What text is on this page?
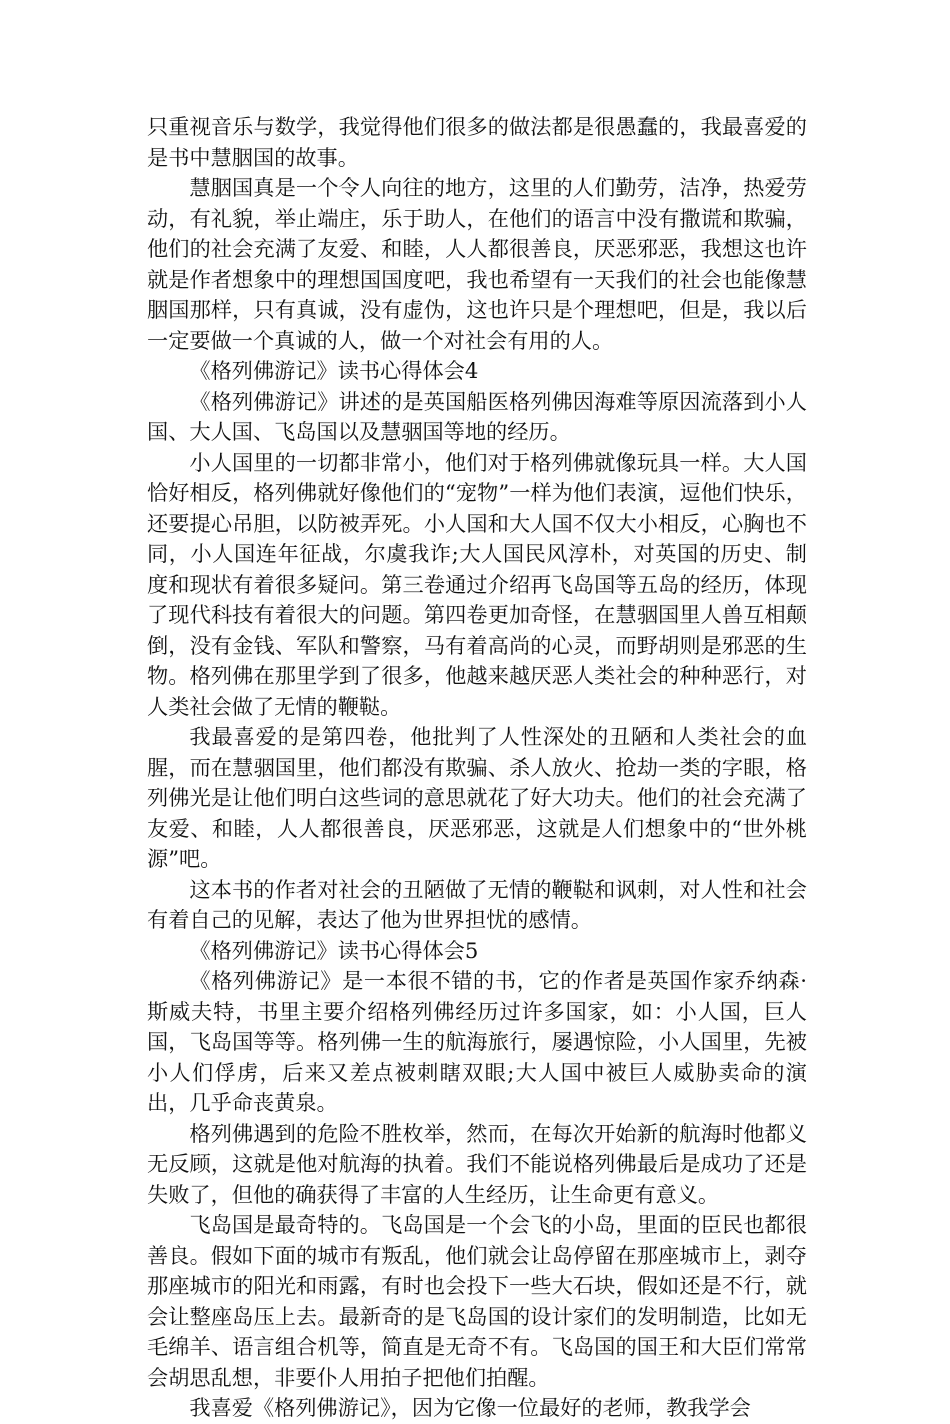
只重视音乐与数学，我觉得他们很多的做法都是很愚蠢的，我最喜爱的是书中慧胭国的故事。

慧胭国真是一个令人向往的地方，这里的人们勤劳，洁净，热爱劳动，有礼貌，举止端庄，乐于助人，在他们的语言中没有撒谎和欺骗，他们的社会充满了友爱、和睦，人人都很善良，厌恶邪恶，我想这也许就是作者想象中的理想国国度吧，我也希望有一天我们的社会也能像慧胭国那样，只有真诚，没有虚伪，这也许只是个理想吧，但是，我以后一定要做一个真诚的人，做一个对社会有用的人。

《格列佛游记》读书心得体会4

《格列佛游记》讲述的是英国船医格列佛因海难等原因流落到小人国、大人国、飞岛国以及慧骃国等地的经历。

小人国里的一切都非常小，他们对于格列佛就像玩具一样。大人国恰好相反，格列佛就好像他们的“宠物”一样为他们表演，逗他们快乐，还要提心吊胆，以防被弄死。小人国和大人国不仅大小相反，心胸也不同，小人国连年征战，尔虞我诈;大人国民风淳朴，对英国的历史、制度和现状有着很多疑问。第三卷通过介绍再飞岛国等五岛的经历，体现了现代科技有着很大的问题。第四卷更加奇怪，在慧骃国里人兽互相颠倒，没有金钱、军队和警察，马有着高尚的心灵，而野胡则是邪恶的生物。格列佛在那里学到了很多，他越来越厌恶人类社会的种种恶行，对人类社会做了无情的鞭鞑。

我最喜爱的是第四卷，他批判了人性深处的丑陋和人类社会的血腥，而在慧骃国里，他们都没有欺骗、杀人放火、抢劫一类的字眼，格列佛光是让他们明白这些词的意思就花了好大功夫。他们的社会充满了友爱、和睦，人人都很善良，厌恶邪恶，这就是人们想象中的“世外桃源”吧。

这本书的作者对社会的丑陋做了无情的鞭鞑和讽刺，对人性和社会有着自己的见解，表达了他为世界担忧的感情。

《格列佛游记》读书心得体会5

《格列佛游记》是一本很不错的书，它的作者是英国作家乔纳森·斯威夫特，书里主要介绍格列佛经历过许多国家，如：小人国，巨人国，飞岛国等等。格列佛一生的航海旅行，屡遇惊险，小人国里，先被小人们俘虏，后来又差点被刺瞎双眼;大人国中被巨人威胁卖命的演出，几乎命丧黄泉。

格列佛遇到的危险不胜枚举，然而，在每次开始新的航海时他都义无反顾，这就是他对航海的执着。我们不能说格列佛最后是成功了还是失败了，但他的确获得了丰富的人生经历，让生命更有意义。

飞岛国是最奇特的。飞岛国是一个会飞的小岛，里面的臣民也都很善良。假如下面的城市有叛乱，他们就会让岛停留在那座城市上，剥夺那座城市的阳光和雨露，有时也会投下一些大石块，假如还是不行，就会让整座岛压上去。最新奇的是飞岛国的设计家们的发明制造，比如无毛绵羊、语言组合机等，简直是无奇不有。飞岛国的国王和大臣们常常会胡思乱想，非要仆人用拍子把他们拍醒。

我喜爱《格列佛游记》，因为它像一位最好的老师，教我学会
